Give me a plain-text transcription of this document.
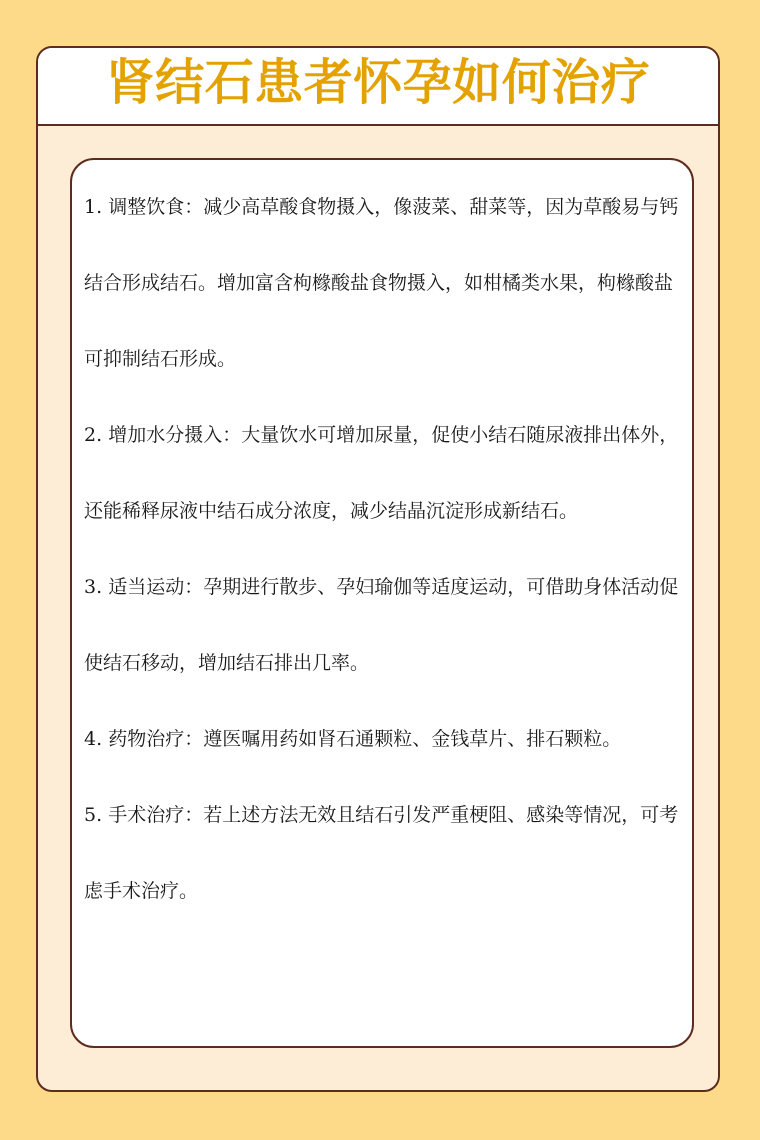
肾结石患者怀孕如何治疗
1. 调整饮食：减少高草酸食物摄入，像菠菜、甜菜等，因为草酸易与钙结合形成结石。增加富含枸橼酸盐食物摄入，如柑橘类水果，枸橼酸盐可抑制结石形成。
2. 增加水分摄入：大量饮水可增加尿量，促使小结石随尿液排出体外，还能稀释尿液中结石成分浓度，减少结晶沉淀形成新结石。
3. 适当运动：孕期进行散步、孕妇瑜伽等适度运动，可借助身体活动促使结石移动，增加结石排出几率。
4. 药物治疗：遵医嘱用药如肾石通颗粒、金钱草片、排石颗粒。
5. 手术治疗：若上述方法无效且结石引发严重梗阻、感染等情况，可考虑手术治疗。
